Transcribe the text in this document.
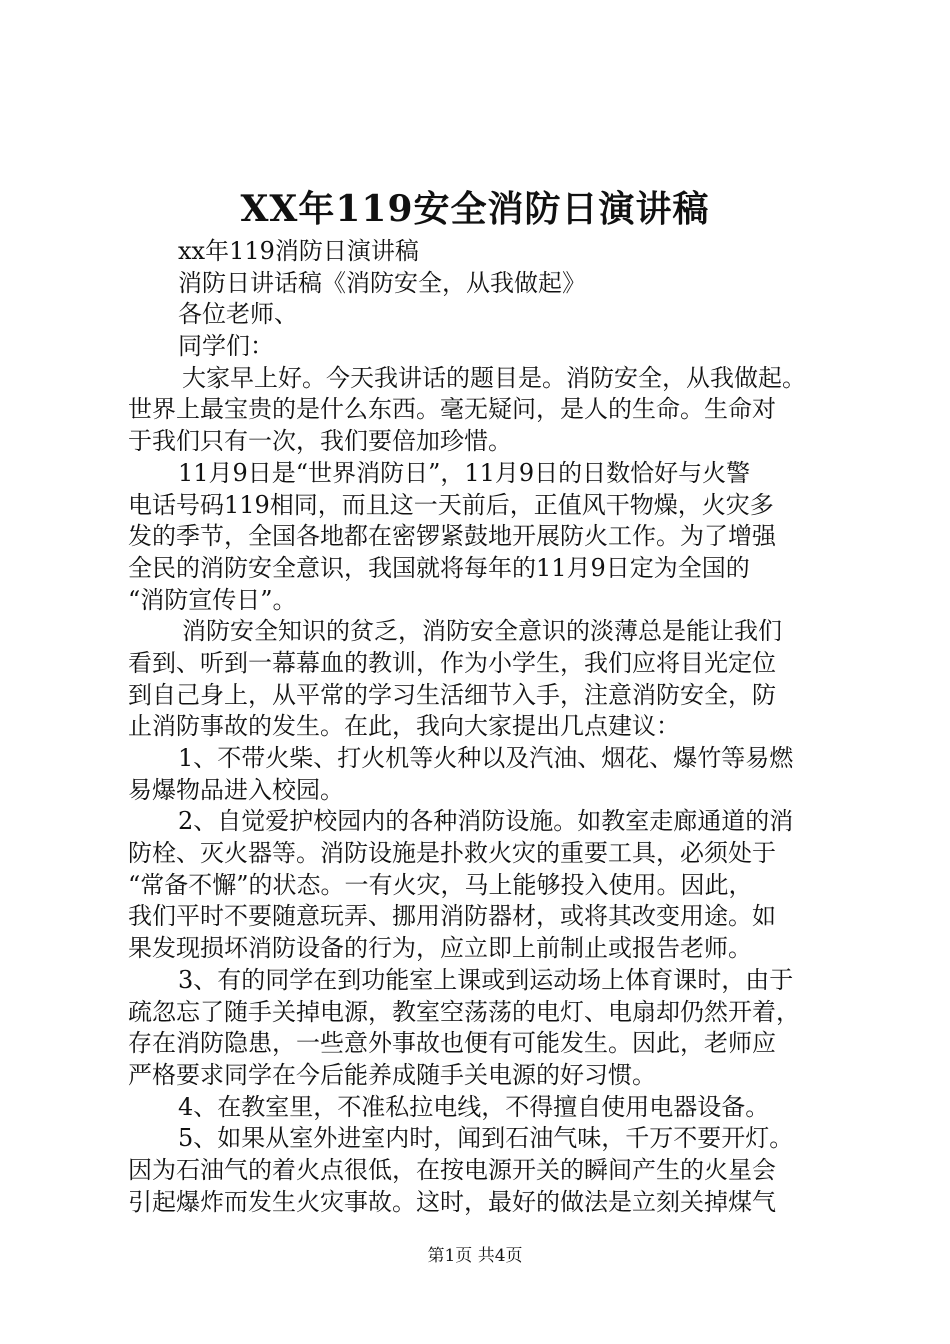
XX年119安全消防日演讲稿
xx年119消防日演讲稿
消防日讲话稿《消防安全，从我做起》
各位老师、
同学们：
大家早上好。今天我讲话的题目是。消防安全，从我做起。
世界上最宝贵的是什么东西。毫无疑问，是人的生命。生命对
于我们只有一次，我们要倍加珍惜。
11月9日是“世界消防日”，11月9日的日数恰好与火警
电话号码119相同，而且这一天前后，正值风干物燥，火灾多
发的季节，全国各地都在密锣紧鼓地开展防火工作。为了增强
全民的消防安全意识，我国就将每年的11月9日定为全国的
“消防宣传日”。
消防安全知识的贫乏，消防安全意识的淡薄总是能让我们
看到、听到一幕幕血的教训，作为小学生，我们应将目光定位
到自己身上，从平常的学习生活细节入手，注意消防安全，防
止消防事故的发生。在此，我向大家提出几点建议：
1、不带火柴、打火机等火种以及汽油、烟花、爆竹等易燃
易爆物品进入校园。
2、自觉爱护校园内的各种消防设施。如教室走廊通道的消
防栓、灭火器等。消防设施是扑救火灾的重要工具，必须处于
“常备不懈”的状态。一有火灾，马上能够投入使用。因此，
我们平时不要随意玩弄、挪用消防器材，或将其改变用途。如
果发现损坏消防设备的行为，应立即上前制止或报告老师。
3、有的同学在到功能室上课或到运动场上体育课时，由于
疏忽忘了随手关掉电源，教室空荡荡的电灯、电扇却仍然开着，
存在消防隐患，一些意外事故也便有可能发生。因此，老师应
严格要求同学在今后能养成随手关电源的好习惯。
4、在教室里，不准私拉电线，不得擅自使用电器设备。
5、如果从室外进室内时，闻到石油气味，千万不要开灯。
因为石油气的着火点很低，在按电源开关的瞬间产生的火星会
引起爆炸而发生火灾事故。这时，最好的做法是立刻关掉煤气
第1页 共4页
